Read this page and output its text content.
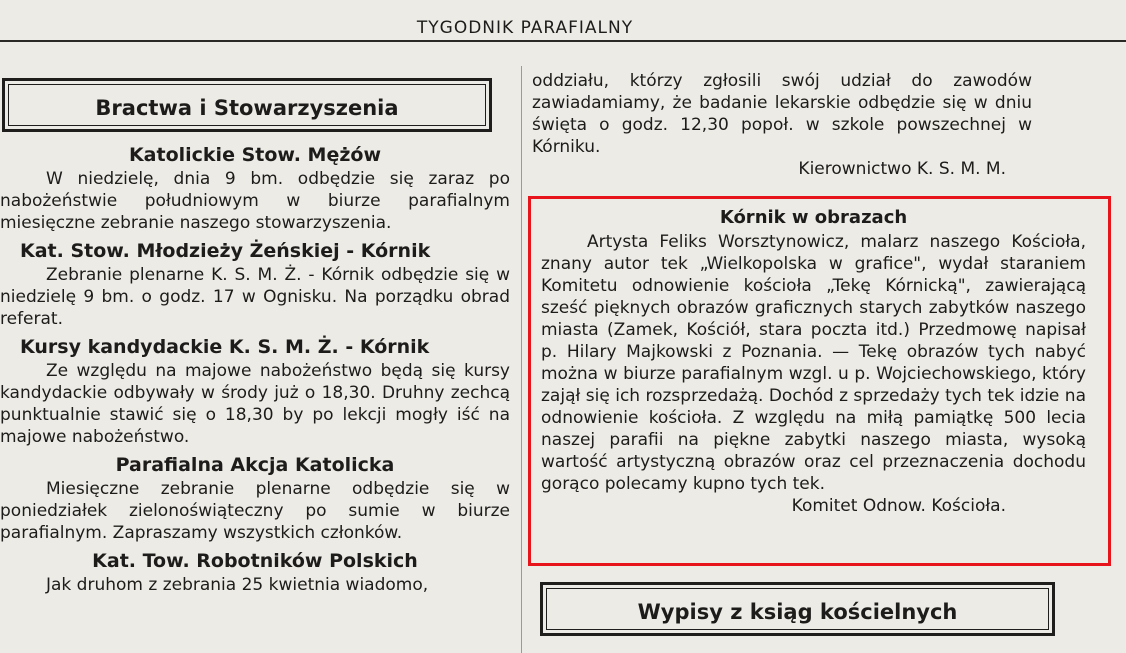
TYGODNIK PARAFIALNY
Bractwa i Stowarzyszenia
Katolickie Stow. Mężów
W niedzielę, dnia 9 bm. odbędzie się zaraz po nabożeństwie południowym w biurze parafialnym miesięczne zebranie naszego stowarzyszenia.
Kat. Stow. Młodzieży Żeńskiej - Kórnik
Zebranie plenarne K. S. M. Ż. - Kórnik odbędzie się w niedzielę 9 bm. o godz. 17 w Ognisku. Na porządku obrad referat.
Kursy kandydackie K. S. M. Ż. - Kórnik
Ze względu na majowe nabożeństwo będą się kursy kandydackie odbywały w środy już o 18,30. Druhny zechcą punktualnie stawić się o 18,30 by po lekcji mogły iść na majowe nabożeństwo.
Parafialna Akcja Katolicka
Miesięczne zebranie plenarne odbędzie się w poniedziałek zielonoświąteczny po sumie w biurze parafialnym. Zapraszamy wszystkich członków.
Kat. Tow. Robotników Polskich
Jak druhom z zebrania 25 kwietnia wiadomo,
oddziału, którzy zgłosili swój udział do zawodów zawiadamiamy, że badanie lekarskie odbędzie się w dniu święta o godz. 12,30 popoł. w szkole powszechnej w Kórniku.
Kierownictwo K. S. M. M.
Kórnik w obrazach
Artysta Feliks Worsztynowicz, malarz naszego Kościoła, znany autor tek „Wielkopolska w grafice", wydał staraniem Komitetu odnowienie kościoła „Tekę Kórnicką", zawierającą sześć pięknych obrazów graficznych starych zabytków naszego miasta (Zamek, Kościół, stara poczta itd.) Przedmowę napisał p. Hilary Majkowski z Poznania. — Tekę obrazów tych nabyć można w biurze parafialnym wzgl. u p. Wojciechowskiego, który zajął się ich rozsprzedażą. Dochód z sprzedaży tych tek idzie na odnowienie kościoła. Z względu na miłą pamiątkę 500 lecia naszej parafii na piękne zabytki naszego miasta, wysoką wartość artystyczną obrazów oraz cel przeznaczenia dochodu gorąco polecamy kupno tych tek.
Komitet Odnow. Kościoła.
Wypisy z ksiąg kościelnych
